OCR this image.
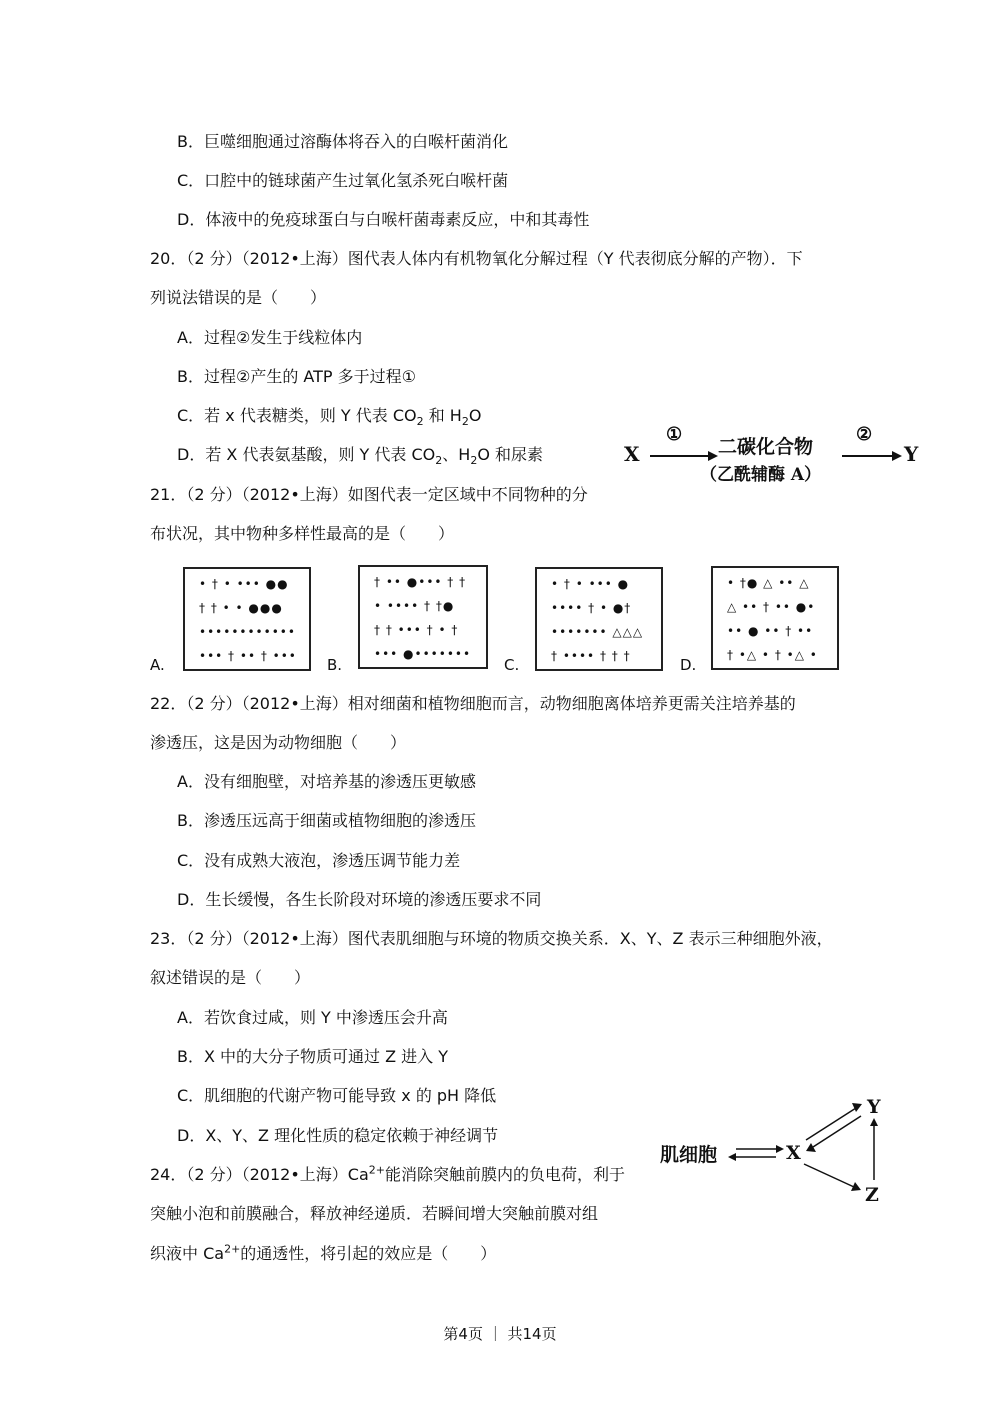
B．巨噬细胞通过溶酶体将吞入的白喉杆菌消化
C．口腔中的链球菌产生过氧化氢杀死白喉杆菌
D．体液中的免疫球蛋白与白喉杆菌毒素反应，中和其毒性
20．（2 分）（2012•上海）图代表人体内有机物氧化分解过程（Y 代表彻底分解的产物）．下
列说法错误的是（　　）
A．过程②发生于线粒体内
B．过程②产生的 ATP 多于过程①
C．若 x 代表糖类，则 Y 代表 $CO_2$ 和 $H_2O$
D．若 X 代表氨基酸，则 Y 代表 $CO_2$、$H_2O$ 和尿素	X
①
二碳化合物
（乙酰辅酶 A）
②
Y
21．（2 分）（2012•上海）如图代表一定区域中不同物种的分
布状况，其中物种多样性最高的是（　　）
A.
• † • ••• ●●
† † • • ●●●
••••••••••••
••• † •• † ••• B.
† •• ●••• † †
• •••• † †●
† † ••• † • †
••• ●•••••••
C.
• † • ••• ●
•••• † • ●†
••••••• △△△
† •••• † † †	D.
• †● △ •• △
△ •• † •• ●•
•• ● •• † ••
† •△ • † •△ •
22．（2 分）（2012•上海）相对细菌和植物细胞而言，动物细胞离体培养更需关注培养基的
渗透压，这是因为动物细胞（　　）
A．没有细胞壁，对培养基的渗透压更敏感
B．渗透压远高于细菌或植物细胞的渗透压
C．没有成熟大液泡，渗透压调节能力差
D．生长缓慢，各生长阶段对环境的渗透压要求不同
23．（2 分）（2012•上海）图代表肌细胞与环境的物质交换关系．X、Y、Z 表示三种细胞外液，
叙述错误的是（　　）
A．若饮食过咸，则 Y 中渗透压会升高
B．X 中的大分子物质可通过 Z 进入 Y
C．肌细胞的代谢产物可能导致 x 的 pH 降低
D．X、Y、Z 理化性质的稳定依赖于神经调节
肌细胞	X
Y
Z
24．（2 分）（2012•上海）$Ca^{2+}$能消除突触前膜内的负电荷，利于
突触小泡和前膜融合，释放神经递质．若瞬间增大突触前膜对组
织液中 $Ca^{2+}$的通透性，将引起的效应是（　　）
第4页 ｜ 共14页
